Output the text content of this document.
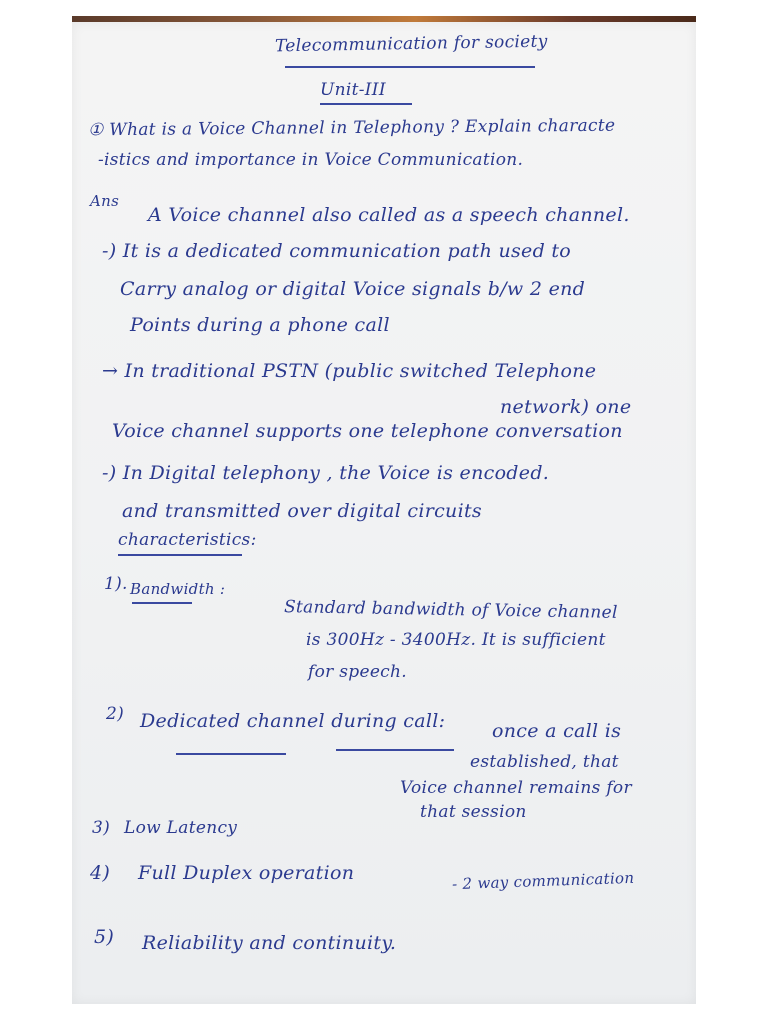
Telecommunication for society
Unit-III
① What is a Voice Channel in Telephony ? Explain characte
-istics and importance in Voice Communication.
Ans
A Voice channel also called as a speech channel.
-) It is a dedicated communication path used to
Carry analog or digital Voice signals b/w 2 end
Points during a phone call
→ In traditional PSTN (public switched Telephone
network) one
Voice channel supports one telephone conversation
-) In Digital telephony , the Voice is encoded.
and transmitted over digital circuits
characteristics:
1). Bandwidth :
Standard bandwidth of Voice channel
is 300Hz - 3400Hz. It is sufficient
for speech.
2) Dedicated channel during call: once a call is
established, that
Voice channel remains for
that session
3) Low Latency
4) Full Duplex operation	- 2 way communication
5) Reliability and continuity.
